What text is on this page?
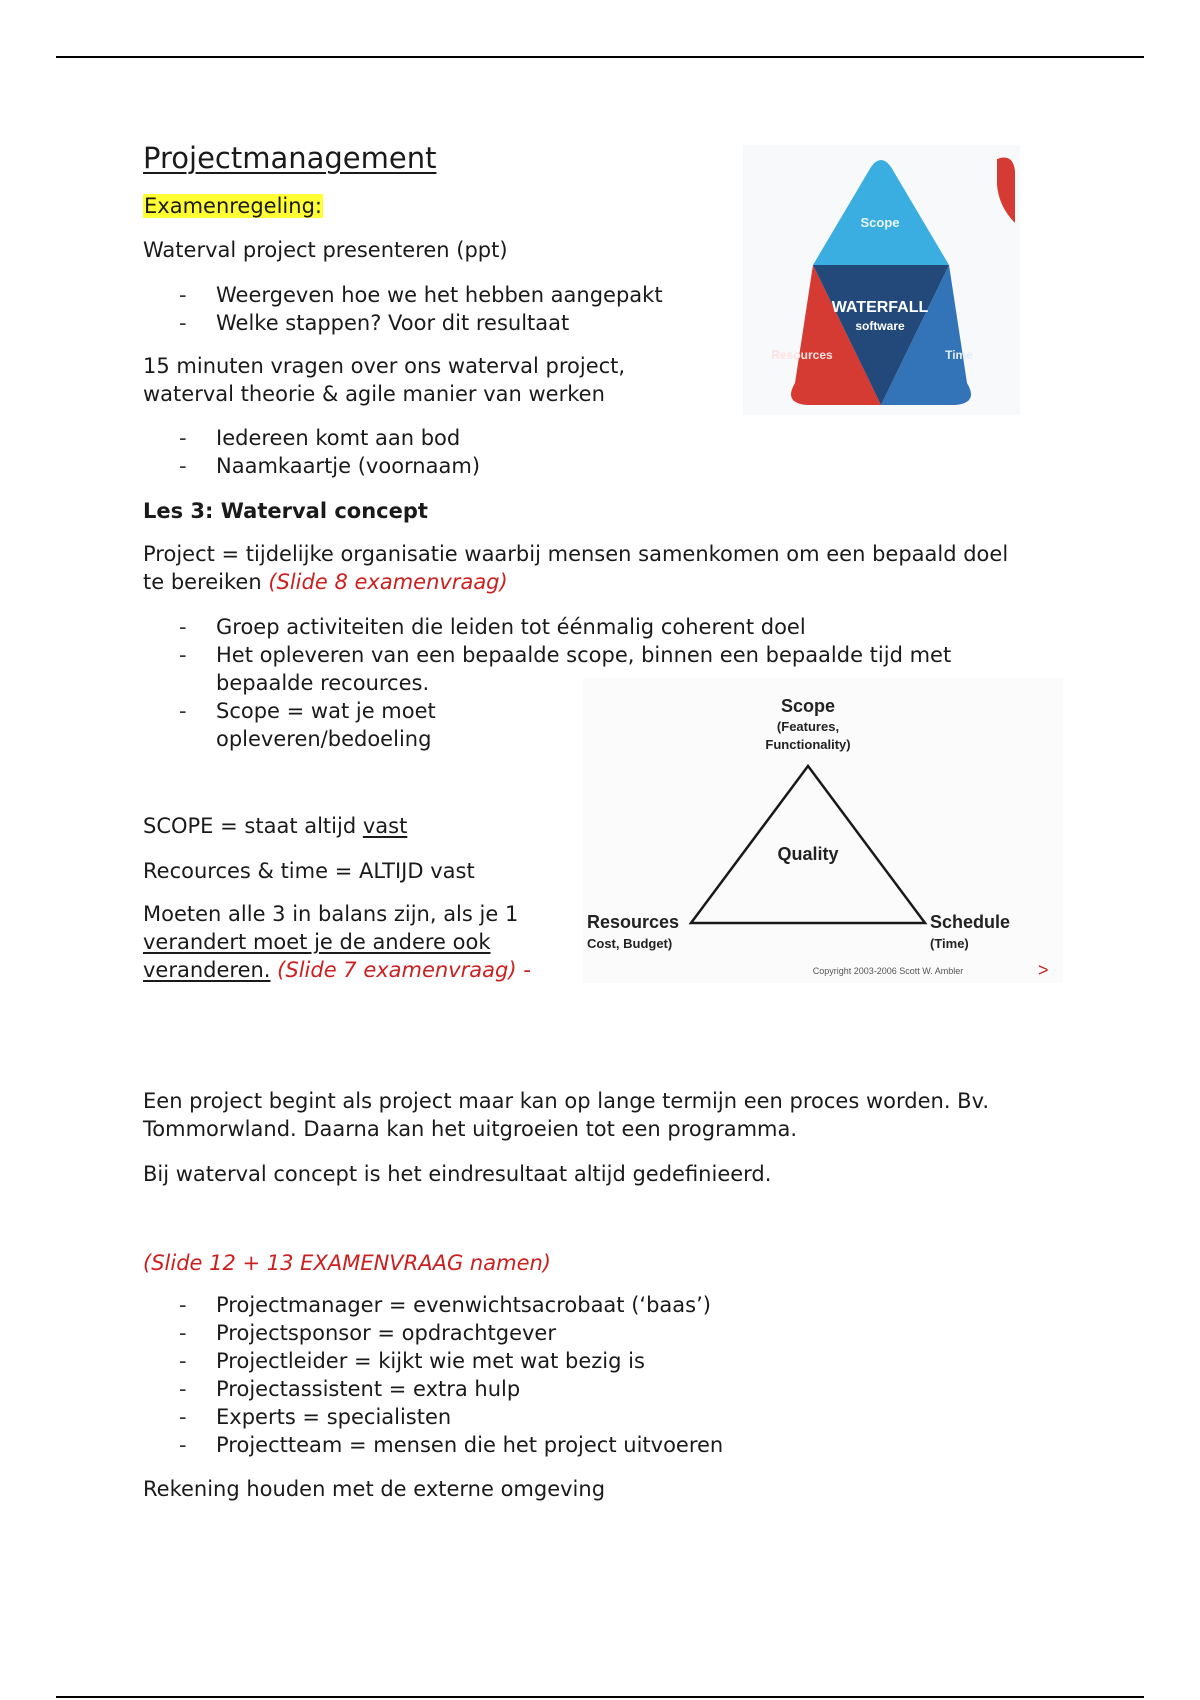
Projectmanagement
Examenregeling:
Waterval project presenteren (ppt)
- Weergeven hoe we het hebben aangepakt
- Welke stappen? Voor dit resultaat
15 minuten vragen over ons waterval project,
waterval theorie & agile manier van werken
- Iedereen komt aan bod
- Naamkaartje (voornaam)
Les 3: Waterval concept
Project = tijdelijke organisatie waarbij mensen samenkomen om een bepaald doel
te bereiken (Slide 8 examenvraag)
- Groep activiteiten die leiden tot éénmalig coherent doel
- Het opleveren van een bepaalde scope, binnen een bepaalde tijd met
bepaalde recources.
- Scope = wat je moet
opleveren/bedoeling
SCOPE = staat altijd vast
Recources & time = ALTIJD vast
Moeten alle 3 in balans zijn, als je 1
verandert moet je de andere ook
veranderen. (Slide 7 examenvraag) -
Een project begint als project maar kan op lange termijn een proces worden. Bv.
Tommorwland. Daarna kan het uitgroeien tot een programma.
Bij waterval concept is het eindresultaat altijd gedefinieerd.
(Slide 12 + 13 EXAMENVRAAG namen)
- Projectmanager = evenwichtsacrobaat (‘baas’)
- Projectsponsor = opdrachtgever
- Projectleider = kijkt wie met wat bezig is
- Projectassistent = extra hulp
- Experts = specialisten
- Projectteam = mensen die het project uitvoeren
Rekening houden met de externe omgeving
Scope
WATERFALL
software
Resources	Time
Scope
(Features,
Functionality)
Quality
Resources
Cost, Budget)
Schedule
(Time)
Copyright 2003-2006 Scott W. Ambler	>
